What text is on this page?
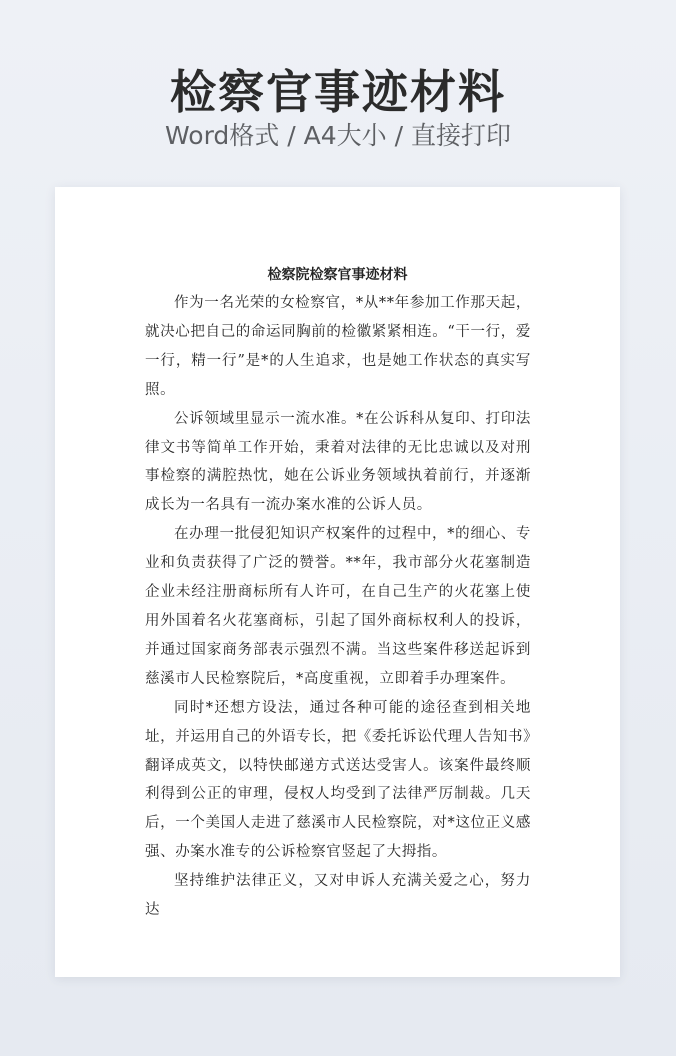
检察官事迹材料
Word格式 / A4大小 / 直接打印
检察院检察官事迹材料

作为一名光荣的女检察官，*从**年参加工作那天起，就决心把自己的命运同胸前的检徽紧紧相连。“干一行，爱一行，精一行”是*的人生追求，也是她工作状态的真实写照。

公诉领域里显示一流水准。*在公诉科从复印、打印法律文书等简单工作开始，秉着对法律的无比忠诚以及对刑事检察的满腔热忱，她在公诉业务领域执着前行，并逐渐成长为一名具有一流办案水准的公诉人员。

在办理一批侵犯知识产权案件的过程中，*的细心、专业和负责获得了广泛的赞誉。**年，我市部分火花塞制造企业未经注册商标所有人许可，在自己生产的火花塞上使用外国着名火花塞商标，引起了国外商标权利人的投诉，并通过国家商务部表示强烈不满。当这些案件移送起诉到慈溪市人民检察院后，*高度重视，立即着手办理案件。

同时*还想方设法，通过各种可能的途径查到相关地址，并运用自己的外语专长，把《委托诉讼代理人告知书》翻译成英文，以特快邮递方式送达受害人。该案件最终顺利得到公正的审理，侵权人均受到了法律严厉制裁。几天后，一个美国人走进了慈溪市人民检察院，对*这位正义感强、办案水准专的公诉检察官竖起了大拇指。

坚持维护法律正义，又对申诉人充满关爱之心，努力达
